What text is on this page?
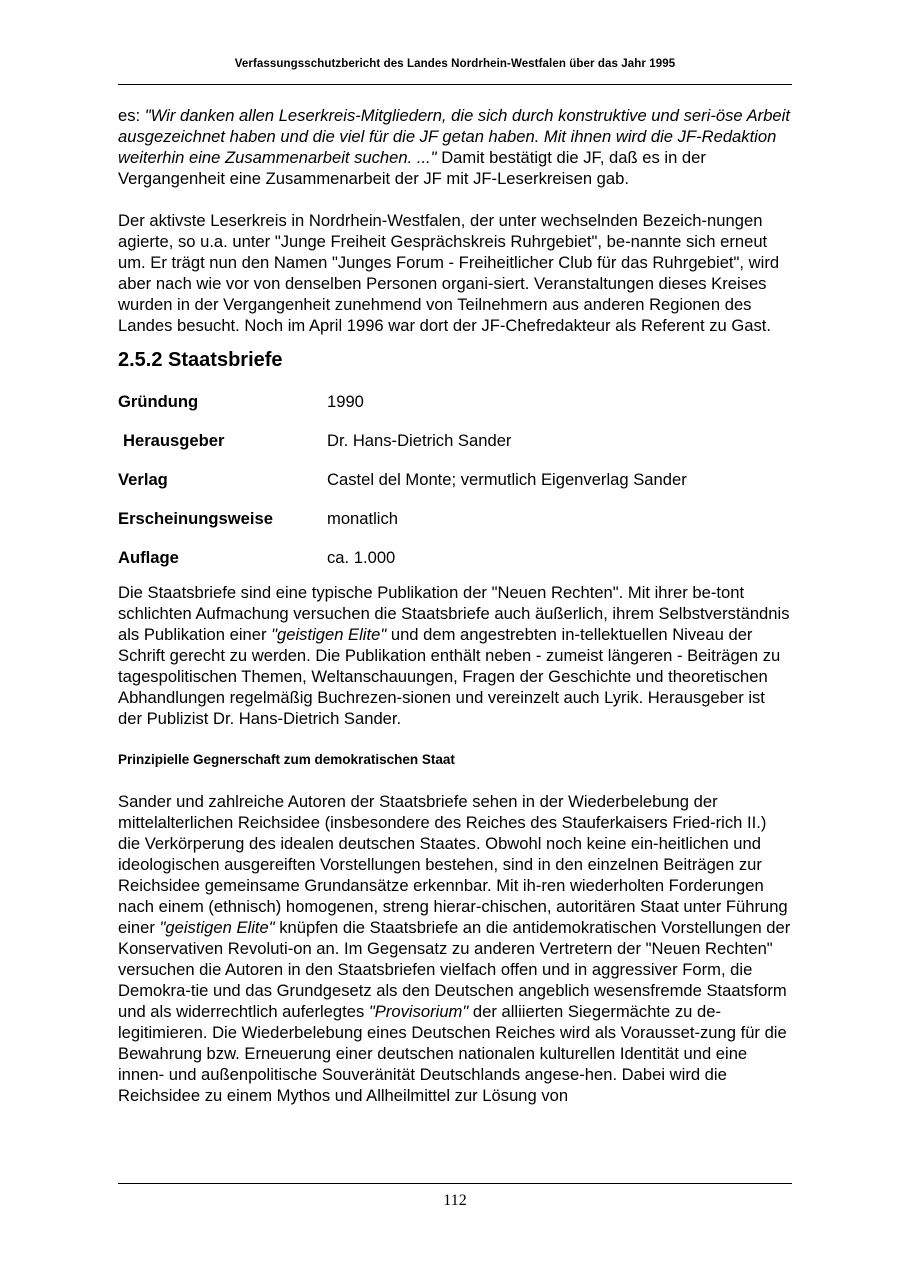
Verfassungsschutzbericht des Landes Nordrhein-Westfalen über das Jahr 1995

es: "Wir danken allen Leserkreis-Mitgliedern, die sich durch konstruktive und seri-öse Arbeit ausgezeichnet haben und die viel für die JF getan haben. Mit ihnen wird die JF-Redaktion weiterhin eine Zusammenarbeit suchen. ..." Damit bestätigt die JF, daß es in der Vergangenheit eine Zusammenarbeit der JF mit JF-Leserkreisen gab.

Der aktivste Leserkreis in Nordrhein-Westfalen, der unter wechselnden Bezeich-nungen agierte, so u.a. unter "Junge Freiheit Gesprächskreis Ruhrgebiet", be-nannte sich erneut um. Er trägt nun den Namen "Junges Forum - Freiheitlicher Club für das Ruhrgebiet", wird aber nach wie vor von denselben Personen organi-siert. Veranstaltungen dieses Kreises wurden in der Vergangenheit zunehmend von Teilnehmern aus anderen Regionen des Landes besucht. Noch im April 1996 war dort der JF-Chefredakteur als Referent zu Gast.

2.5.2 Staatsbriefe
Gründung	1990
Herausgeber	Dr. Hans-Dietrich Sander
Verlag	Castel del Monte; vermutlich Eigenverlag Sander
Erscheinungsweise	monatlich
Auflage	ca. 1.000

Die Staatsbriefe sind eine typische Publikation der "Neuen Rechten". Mit ihrer be-tont schlichten Aufmachung versuchen die Staatsbriefe auch äußerlich, ihrem Selbstverständnis als Publikation einer "geistigen Elite" und dem angestrebten in-tellektuellen Niveau der Schrift gerecht zu werden. Die Publikation enthält neben - zumeist längeren - Beiträgen zu tagespolitischen Themen, Weltanschauungen, Fragen der Geschichte und theoretischen Abhandlungen regelmäßig Buchrezen-sionen und vereinzelt auch Lyrik. Herausgeber ist der Publizist Dr. Hans-Dietrich Sander.

Prinzipielle Gegnerschaft zum demokratischen Staat

Sander und zahlreiche Autoren der Staatsbriefe sehen in der Wiederbelebung der mittelalterlichen Reichsidee (insbesondere des Reiches des Stauferkaisers Fried-rich II.) die Verkörperung des idealen deutschen Staates. Obwohl noch keine ein-heitlichen und ideologischen ausgereiften Vorstellungen bestehen, sind in den einzelnen Beiträgen zur Reichsidee gemeinsame Grundansätze erkennbar. Mit ih-ren wiederholten Forderungen nach einem (ethnisch) homogenen, streng hierar-chischen, autoritären Staat unter Führung einer "geistigen Elite" knüpfen die Staatsbriefe an die antidemokratischen Vorstellungen der Konservativen Revoluti-on an. Im Gegensatz zu anderen Vertretern der "Neuen Rechten" versuchen die Autoren in den Staatsbriefen vielfach offen und in aggressiver Form, die Demokra-tie und das Grundgesetz als den Deutschen angeblich wesensfremde Staatsform und als widerrechtlich auferlegtes "Provisorium" der alliierten Siegermächte zu de-legitimieren. Die Wiederbelebung eines Deutschen Reiches wird als Vorausset-zung für die Bewahrung bzw. Erneuerung einer deutschen nationalen kulturellen Identität und eine innen- und außenpolitische Souveränität Deutschlands angese-hen. Dabei wird die Reichsidee zu einem Mythos und Allheilmittel zur Lösung von

112
